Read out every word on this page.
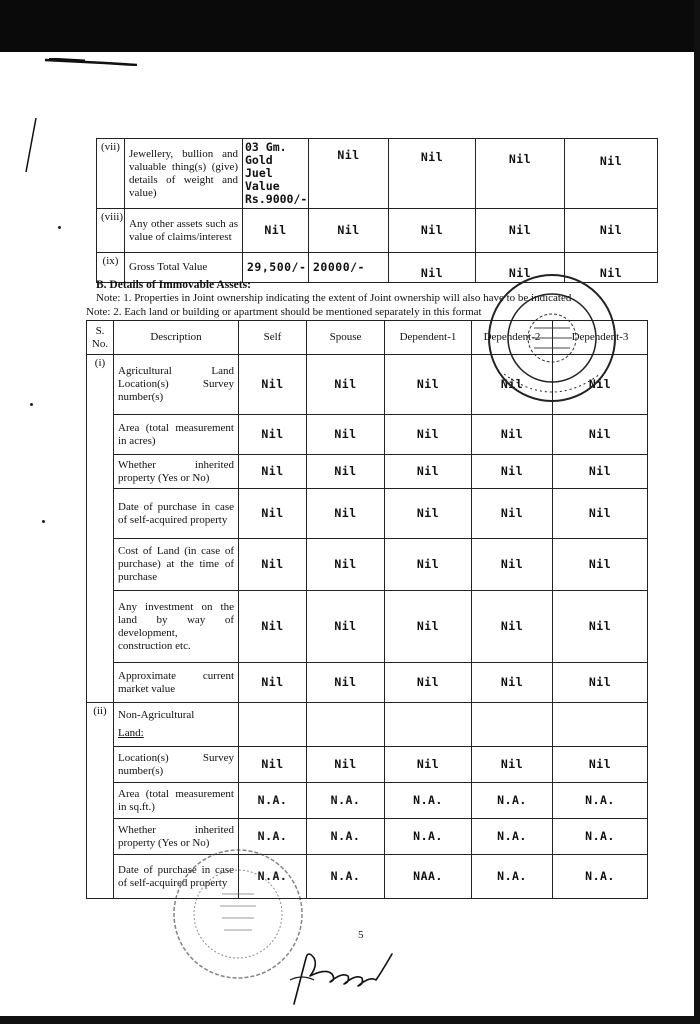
(vii)	Jewellery, bullion and valuable thing(s) (give) details of weight and value)	03 Gm. Gold Juel Value Rs.9000/-	Nil	Nil	Nil	Nil
(viii)	Any other assets such as value of claims/interest	Nil	Nil	Nil	Nil	Nil
(ix)	Gross Total Value	29,500/-	20000/-	Nil	Nil	Nil
B. Details of Immovable Assets:
Note: 1. Properties in Joint ownership indicating the extent of Joint ownership will also have to be indicated
Note: 2. Each land or building or apartment should be mentioned separately in this format
S. No.	Description	Self	Spouse	Dependent-1	Dependent-2	Dependent-3
(i)	Agricultural Land Location(s) Survey number(s)	Nil	Nil	Nil	Nil	Nil
	Area (total measurement in acres)	Nil	Nil	Nil	Nil	Nil
	Whether inherited property (Yes or No)	Nil	Nil	Nil	Nil	Nil
	Date of purchase in case of self-acquired property	Nil	Nil	Nil	Nil	Nil
	Cost of Land (in case of purchase) at the time of purchase	Nil	Nil	Nil	Nil	Nil
	Any investment on the land by way of development, construction etc.	Nil	Nil	Nil	Nil	Nil
	Approximate current market value	Nil	Nil	Nil	Nil	Nil
(ii)	Non-Agricultural
Land:					

	Location(s) Survey number(s)	Nil	Nil	Nil	Nil	Nil
	Area (total measurement in sq.ft.)	N.A.	N.A.	N.A.	N.A.	N.A.
	Whether inherited property (Yes or No)	N.A.	N.A.	N.A.	N.A.	N.A.
	Date of purchase in case of self-acquired property	N.A.	N.A.	NAA.	N.A.	N.A.
5
